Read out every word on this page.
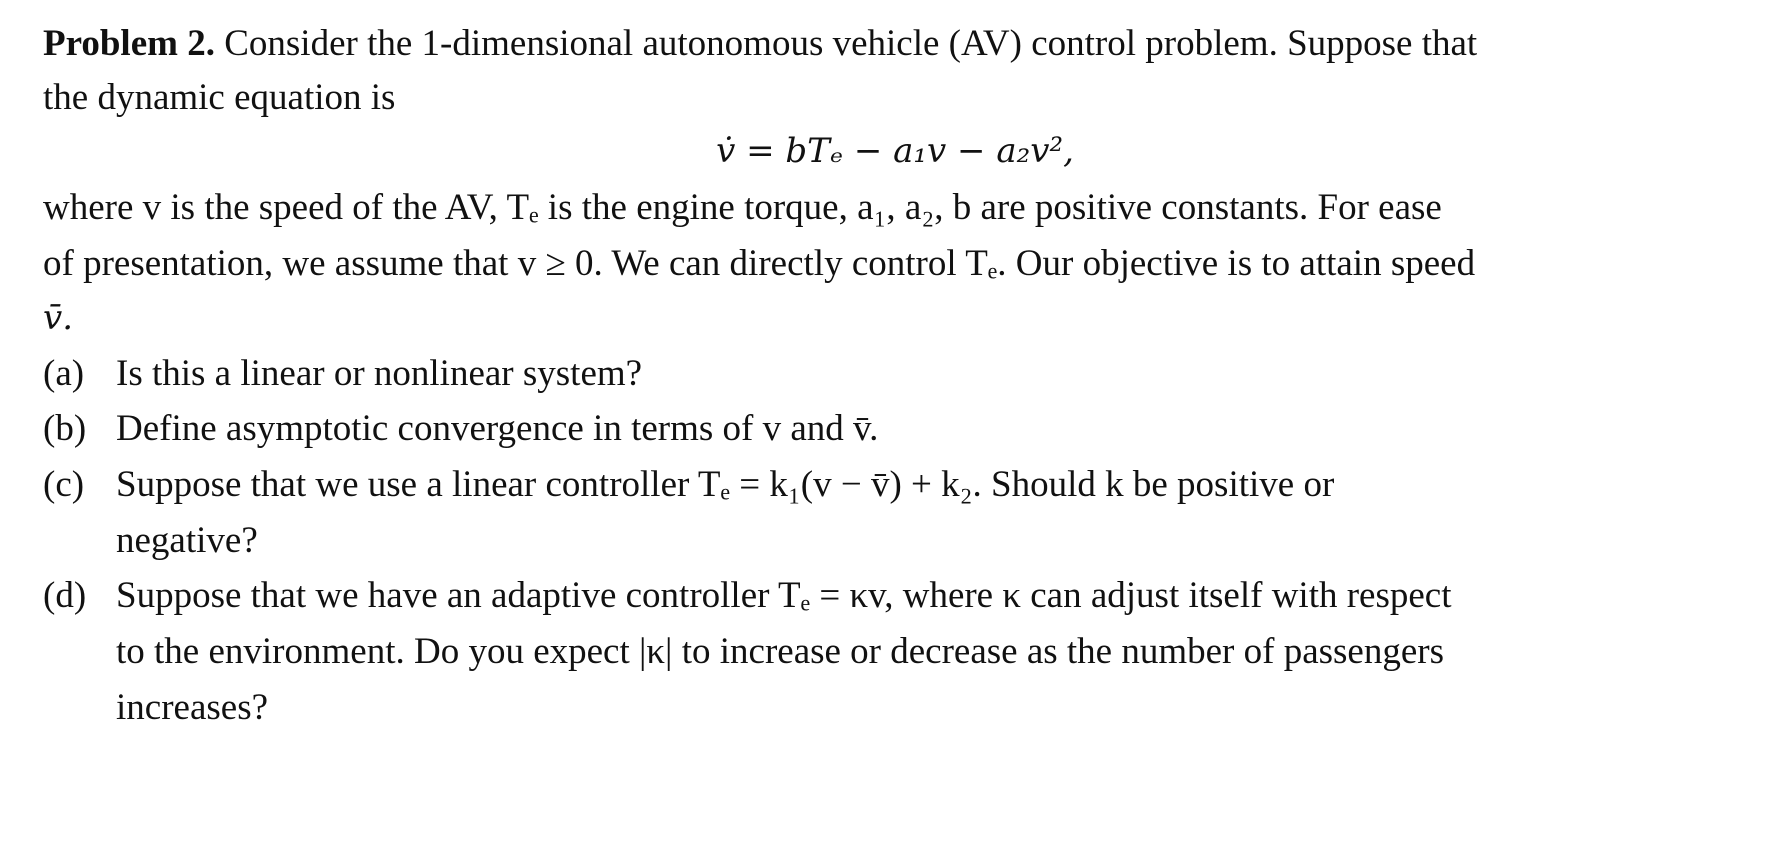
Problem 2. Consider the 1-dimensional autonomous vehicle (AV) control problem. Suppose that
the dynamic equation is
v̇ = bTₑ − a₁v − a₂v²,
where v is the speed of the AV, Tₑ is the engine torque, a₁, a₂, b are positive constants. For ease
of presentation, we assume that v ≥ 0. We can directly control Tₑ. Our objective is to attain speed
v̄.
(a) Is this a linear or nonlinear system?
(b) Define asymptotic convergence in terms of v and v̄.
(c) Suppose that we use a linear controller Tₑ = k₁(v − v̄) + k₂. Should k be positive or
negative?
(d) Suppose that we have an adaptive controller Tₑ = κv, where κ can adjust itself with respect
to the environment. Do you expect |κ| to increase or decrease as the number of passengers
increases?
